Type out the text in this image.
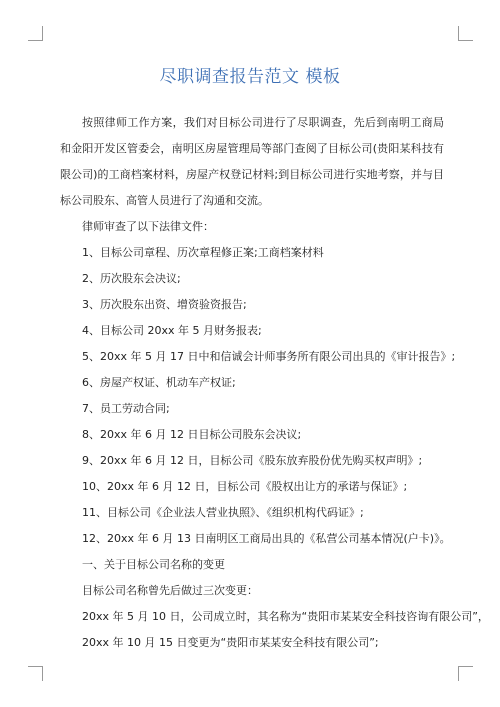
尽职调查报告范文 模板

按照律师工作方案，我们对目标公司进行了尽职调查，先后到南明工商局和金阳开发区管委会，南明区房屋管理局等部门查阅了目标公司(贵阳某科技有限公司)的工商档案材料，房屋产权登记材料;到目标公司进行实地考察，并与目标公司股东、高管人员进行了沟通和交流。

律师审查了以下法律文件：

1、目标公司章程、历次章程修正案;工商档案材料

2、历次股东会决议;

3、历次股东出资、增资验资报告;

4、目标公司 20xx 年 5 月财务报表;

5、20xx 年 5 月 17 日中和信诚会计师事务所有限公司出具的《审计报告》;

6、房屋产权证、机动车产权证;

7、员工劳动合同;

8、20xx 年 6 月 12 日目标公司股东会决议;

9、20xx 年 6 月 12 日，目标公司《股东放弃股份优先购买权声明》;

10、20xx 年 6 月 12 日，目标公司《股权出让方的承诺与保证》;

11、目标公司《企业法人营业执照》、《组织机构代码证》;

12、20xx 年 6 月 13 日南明区工商局出具的《私营公司基本情况(户卡)》。

一、关于目标公司名称的变更

目标公司名称曾先后做过三次变更：

20xx 年 5 月 10 日，公司成立时，其名称为“贵阳市某某安全科技咨询有限公司”，

20xx 年 10 月 15 日变更为“贵阳市某某安全科技有限公司”;
